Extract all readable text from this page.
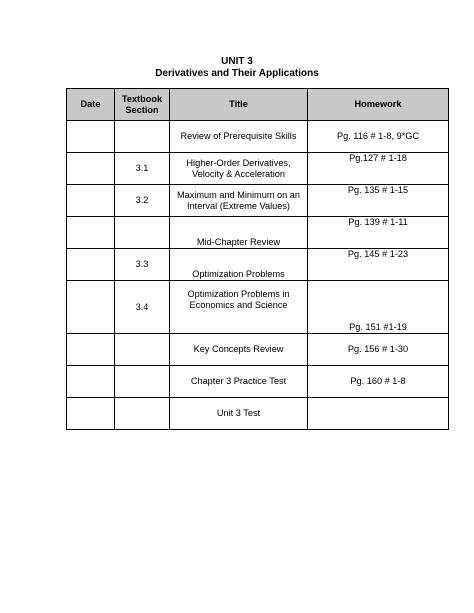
UNIT 3
Derivatives and Their Applications
Date	Textbook Section	Title	Homework
		Review of Prerequisite Skills	Pg. 116 # 1-8, 9*GC
	3.1	Higher-Order Derivatives, Velocity & Acceleration	Pg.127 # 1-18
	3.2	Maximum and Minimum on an Interval (Extreme Values)	Pg. 135 # 1-15
		Mid-Chapter Review	Pg. 139 # 1-11
	3.3	Optimization Problems	Pg. 145 # 1-23
	3.4	Optimization Problems in Economics and Science	Pg. 151 #1-19
		Key Concepts Review	Pg. 156 # 1-30
		Chapter 3 Practice Test	Pg. 160 # 1-8
		Unit 3 Test	
